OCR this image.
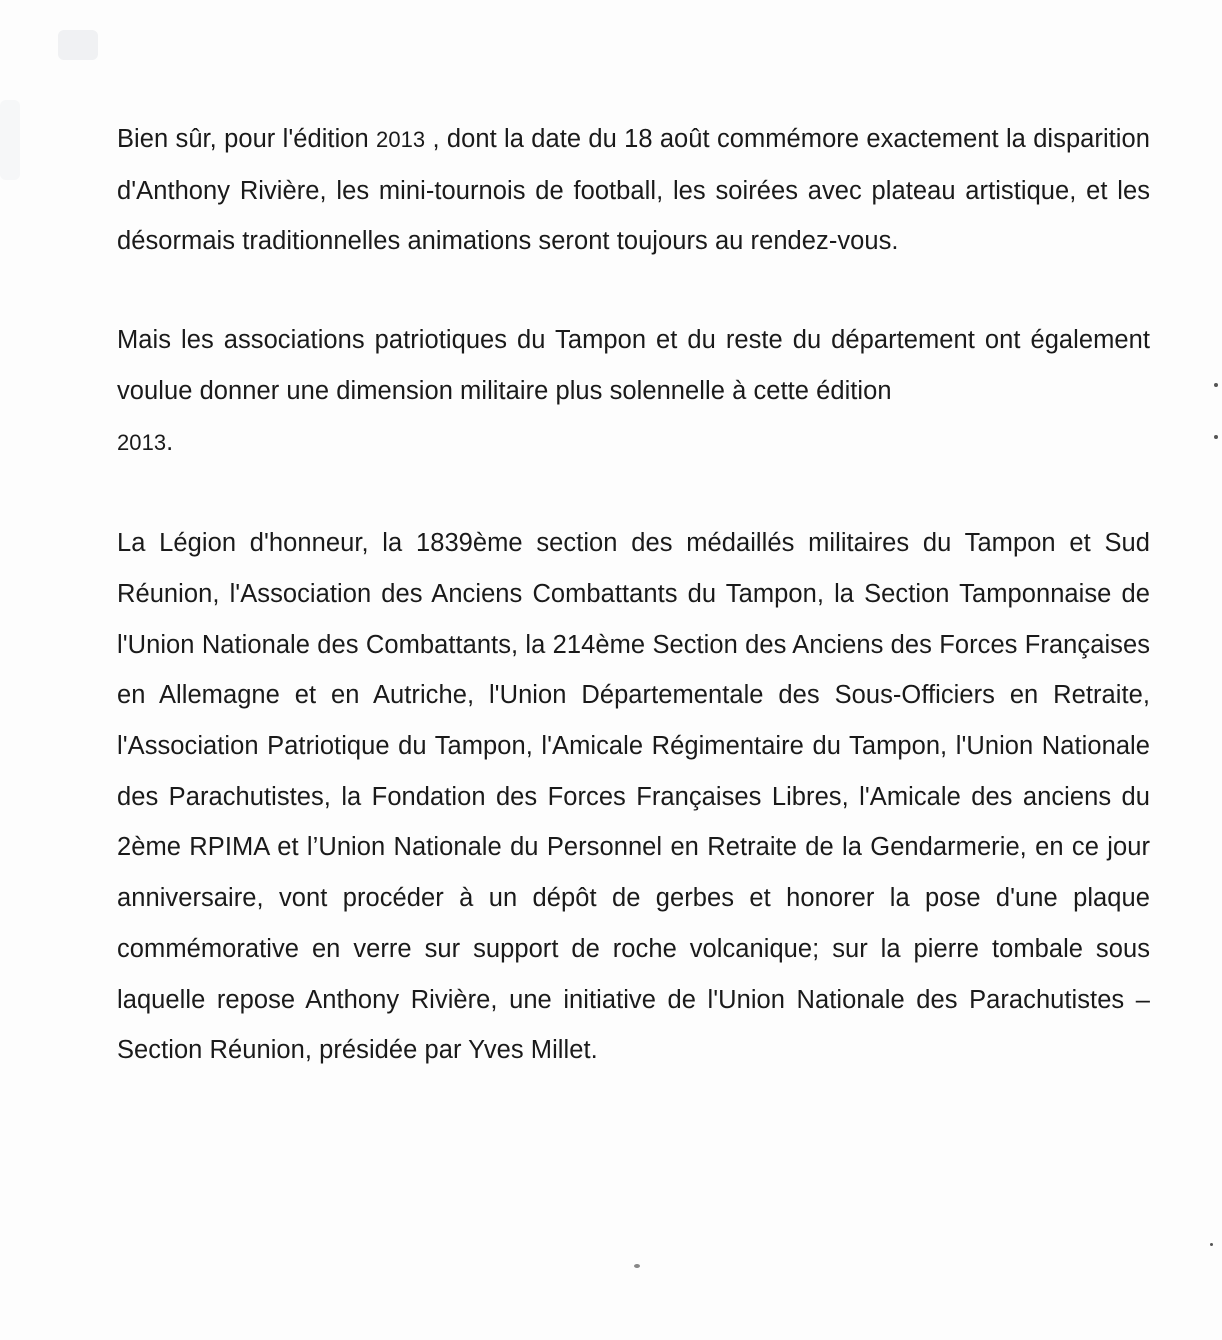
Bien sûr, pour l'édition 2013 , dont la date du 18 août commémore exactement la disparition d'Anthony Rivière, les mini-tournois de football, les soirées avec plateau artistique, et les désormais traditionnelles animations seront toujours au rendez-vous.

Mais les associations patriotiques du Tampon et du reste du département ont également voulue donner une dimension militaire plus solennelle à cette édition
2013.

La Légion d'honneur, la 1839ème section des médaillés militaires du Tampon et Sud Réunion, l'Association des Anciens Combattants du Tampon, la Section Tamponnaise de l'Union Nationale des Combattants, la 214ème Section des Anciens des Forces Françaises en Allemagne et en Autriche, l'Union Départementale des Sous-Officiers en Retraite, l'Association Patriotique du Tampon, l'Amicale Régimentaire du Tampon, l'Union Nationale des Parachutistes, la Fondation des Forces Françaises Libres, l'Amicale des anciens du 2ème RPIMA et l’Union Nationale du Personnel en Retraite de la Gendarmerie, en ce jour anniversaire, vont procéder à un dépôt de gerbes et honorer la pose d'une plaque commémorative en verre sur support de roche volcanique; sur la pierre tombale sous laquelle repose Anthony Rivière, une initiative de l'Union Nationale des Parachutistes – Section Réunion, présidée par Yves Millet.
